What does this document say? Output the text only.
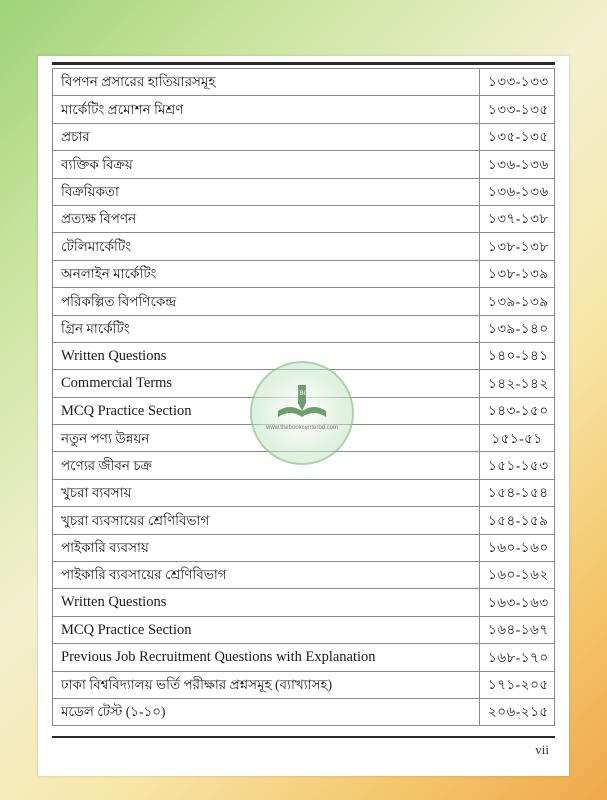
বিপণন প্রসারের হাতিয়ারসমূহ	১৩৩-১৩৩
মার্কেটিং প্রমোশন মিশ্রণ	১৩৩-১৩৫
প্রচার	১৩৫-১৩৫
ব্যক্তিক বিক্রয়	১৩৬-১৩৬
বিক্রয়িকতা	১৩৬-১৩৬
প্রত্যক্ষ বিপণন	১৩৭-১৩৮
টেলিমার্কেটিং	১৩৮-১৩৮
অনলাইন মার্কেটিং	১৩৮-১৩৯
পরিকল্পিত বিপণিকেন্দ্র	১৩৯-১৩৯
গ্রিন মার্কেটিং	১৩৯-১৪০
Written Questions	১৪০-১৪১
Commercial Terms	১৪২-১৪২
MCQ Practice Section	১৪৩-১৫০
নতুন পণ্য উন্নয়ন	১৫১-৫১
পণ্যের জীবন চক্র	১৫১-১৫৩
খুচরা ব্যবসায়	১৫৪-১৫৪
খুচরা ব্যবসায়ের শ্রেণিবিভাগ	১৫৪-১৫৯
পাইকারি ব্যবসায়	১৬০-১৬০
পাইকারি ব্যবসায়ের শ্রেণিবিভাগ	১৬০-১৬২
Written Questions	১৬৩-১৬৩
MCQ Practice Section	১৬৪-১৬৭
Previous Job Recruitment Questions with Explanation	১৬৮-১৭০
ঢাকা বিশ্ববিদ্যালয় ভর্তি পরীক্ষার প্রশ্নসমূহ (ব্যাখ্যাসহ)	১৭১-২০৫
মডেল টেস্ট (১-১০)	২০৬-২১৫
TBC
www.thebookcenterbd.com
vii
